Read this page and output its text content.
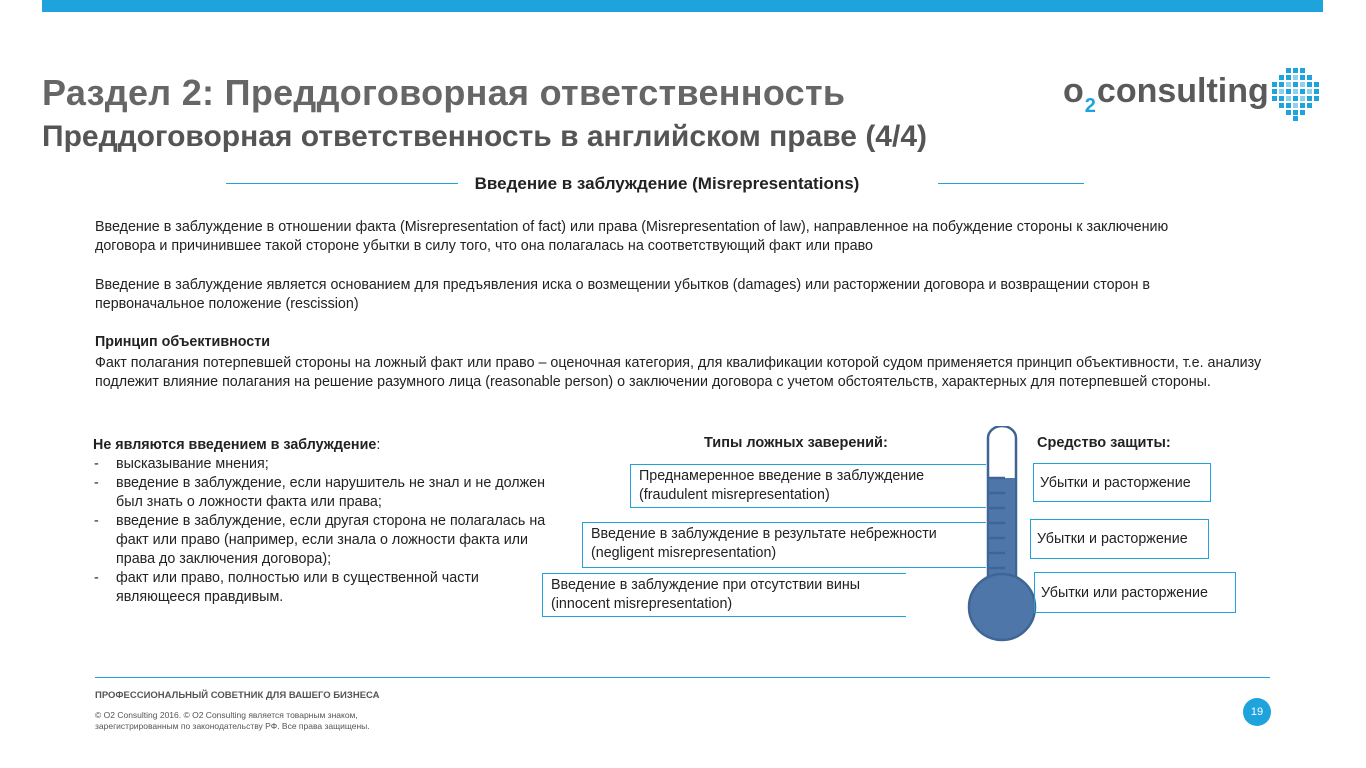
Раздел 2: Преддоговорная ответственность
Преддоговорная ответственность в английском праве (4/4)
$o_2consulting$
Введение в заблуждение (Misrepresentations)
Введение в заблуждение в отношении факта (Misrepresentation of fact) или права (Misrepresentation of law), направленное на побуждение стороны к заключению договора и причинившее такой стороне убытки в силу того, что она полагалась на соответствующий факт или право
Введение в заблуждение является основанием для предъявления иска о возмещении убытков (damages) или расторжении договора и возвращении сторон в первоначальное положение (rescission)
Принцип объективности
Факт полагания потерпевшей стороны на ложный факт или право – оценочная категория, для квалификации которой судом применяется принцип объективности, т.е. анализу подлежит влияние полагания на решение разумного лица (reasonable person) о заключении договора с учетом обстоятельств, характерных для потерпевшей стороны.
Не являются введением в заблуждение:
- высказывание мнения;
- введение в заблуждение, если нарушитель не знал и не должен был знать о ложности факта или права;
- введение в заблуждение, если другая сторона не полагалась на факт или право (например, если знала о ложности факта или права до заключения договора);
- факт или право, полностью или в существенной части являющееся правдивым.
Типы ложных заверений:	Средство защиты:
Преднамеренное введение в заблуждение (fraudulent misrepresentation)
Введение в заблуждение в результате небрежности  (negligent misrepresentation)
Введение в заблуждение при отсутствии вины (innocent misrepresentation)
Убытки и расторжение
Убытки и расторжение
Убытки или расторжение
ПРОФЕССИОНАЛЬНЫЙ СОВЕТНИК ДЛЯ ВАШЕГО БИЗНЕСА
© O2 Consulting 2016. © O2 Consulting является товарным знаком, зарегистрированным по законодательству РФ. Все права защищены.
19
